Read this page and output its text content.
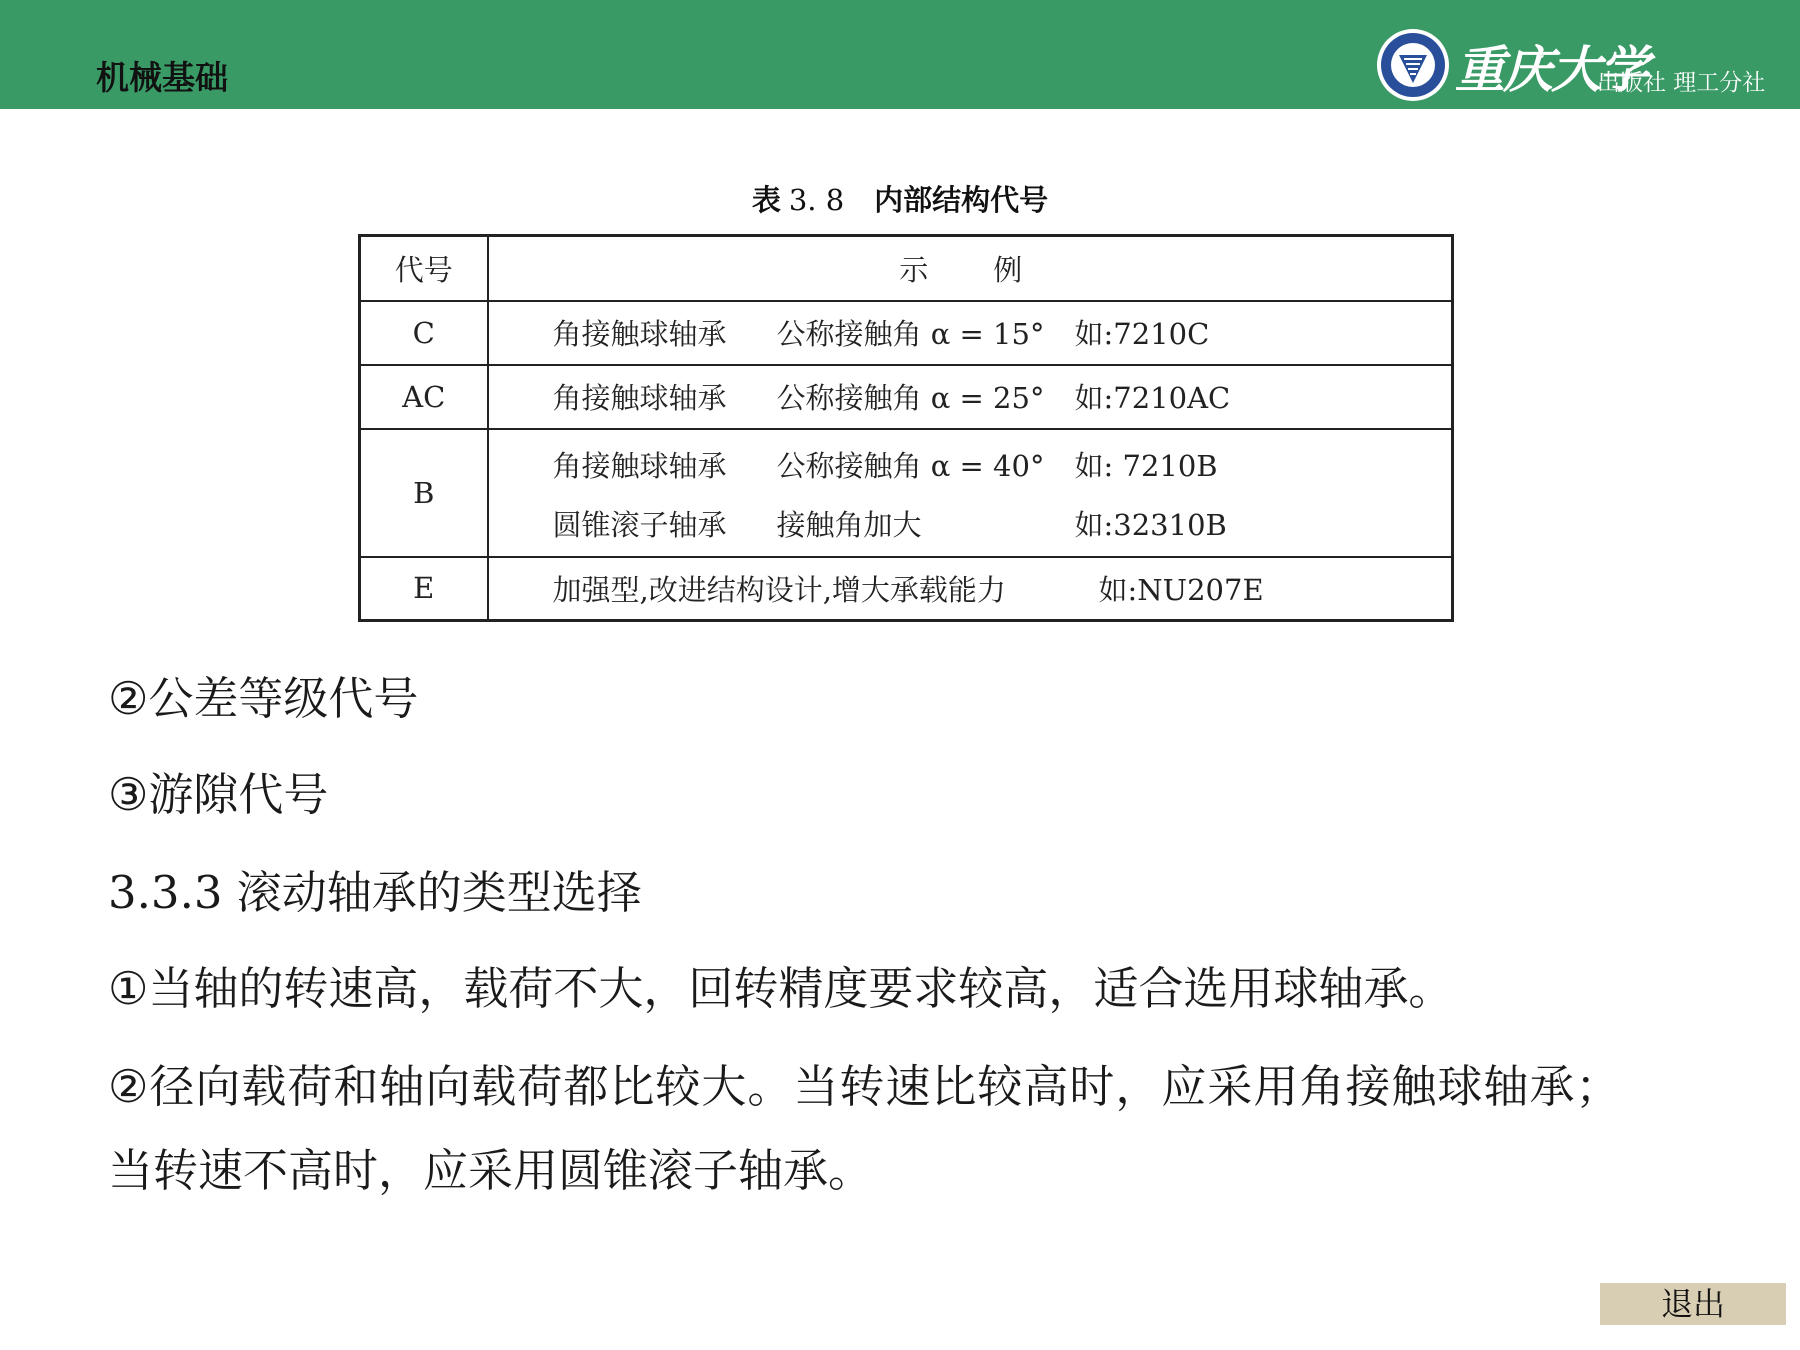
机械基础	重庆大学
出版社 理工分社
表 3. 8 内部结构代号
代号	示　例
C	角接触球轴承 公称接触角 α = 15° 如:7210C
AC	角接触球轴承 公称接触角 α = 25° 如:7210AC
B	角接触球轴承 公称接触角 α = 40° 如: 7210B
圆锥滚子轴承 接触角加大 如:32310B

E	加强型,改进结构设计,增大承载能力 如:NU207E
②公差等级代号
③游隙代号
3.3.3 滚动轴承的类型选择
①当轴的转速高，载荷不大，回转精度要求较高，适合选用球轴承。
②径向载荷和轴向载荷都比较大。当转速比较高时，应采用角接触球轴承；
当转速不高时，应采用圆锥滚子轴承。
退出
